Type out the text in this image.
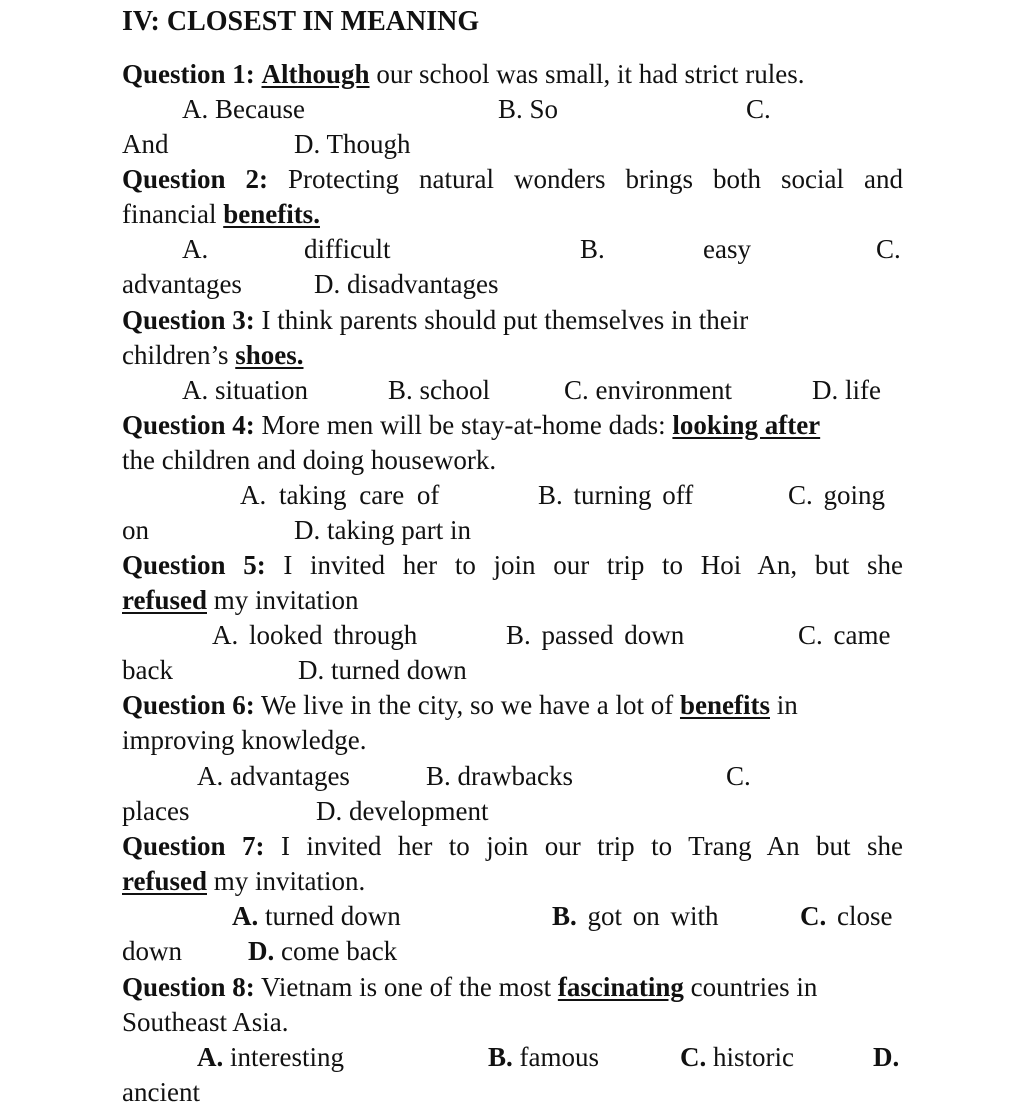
IV: CLOSEST IN MEANING
Question 1: Although our school was small, it had strict rules.
A. Because	B. So	C.
And	D. Though
Question 2: Protecting natural wonders brings both social and
financial benefits.
A.	difficult	B.	easy	C.
advantages	D. disadvantages
Question 3: I think parents should put themselves in their
children’s shoes.
A. situation	B. school	C. environment	D. life
Question 4: More men will be stay-at-home dads: looking after
the children and doing housework.
A. taking care of	B. turning off	C. going
on	D. taking part in
Question 5: I invited her to join our trip to Hoi An, but she
refused my invitation
A. looked through	B. passed down	C. came
back	D. turned down
Question 6: We live in the city, so we have a lot of benefits in
improving knowledge.
A. advantages	B. drawbacks	C.
places	D. development
Question 7: I invited her to join our trip to Trang An but she
refused my invitation.
A. turned down	B. got on with	C. close
down D. come back
Question 8: Vietnam is one of the most fascinating countries in
Southeast Asia.
A. interesting	B. famous	C. historic	D.
ancient
